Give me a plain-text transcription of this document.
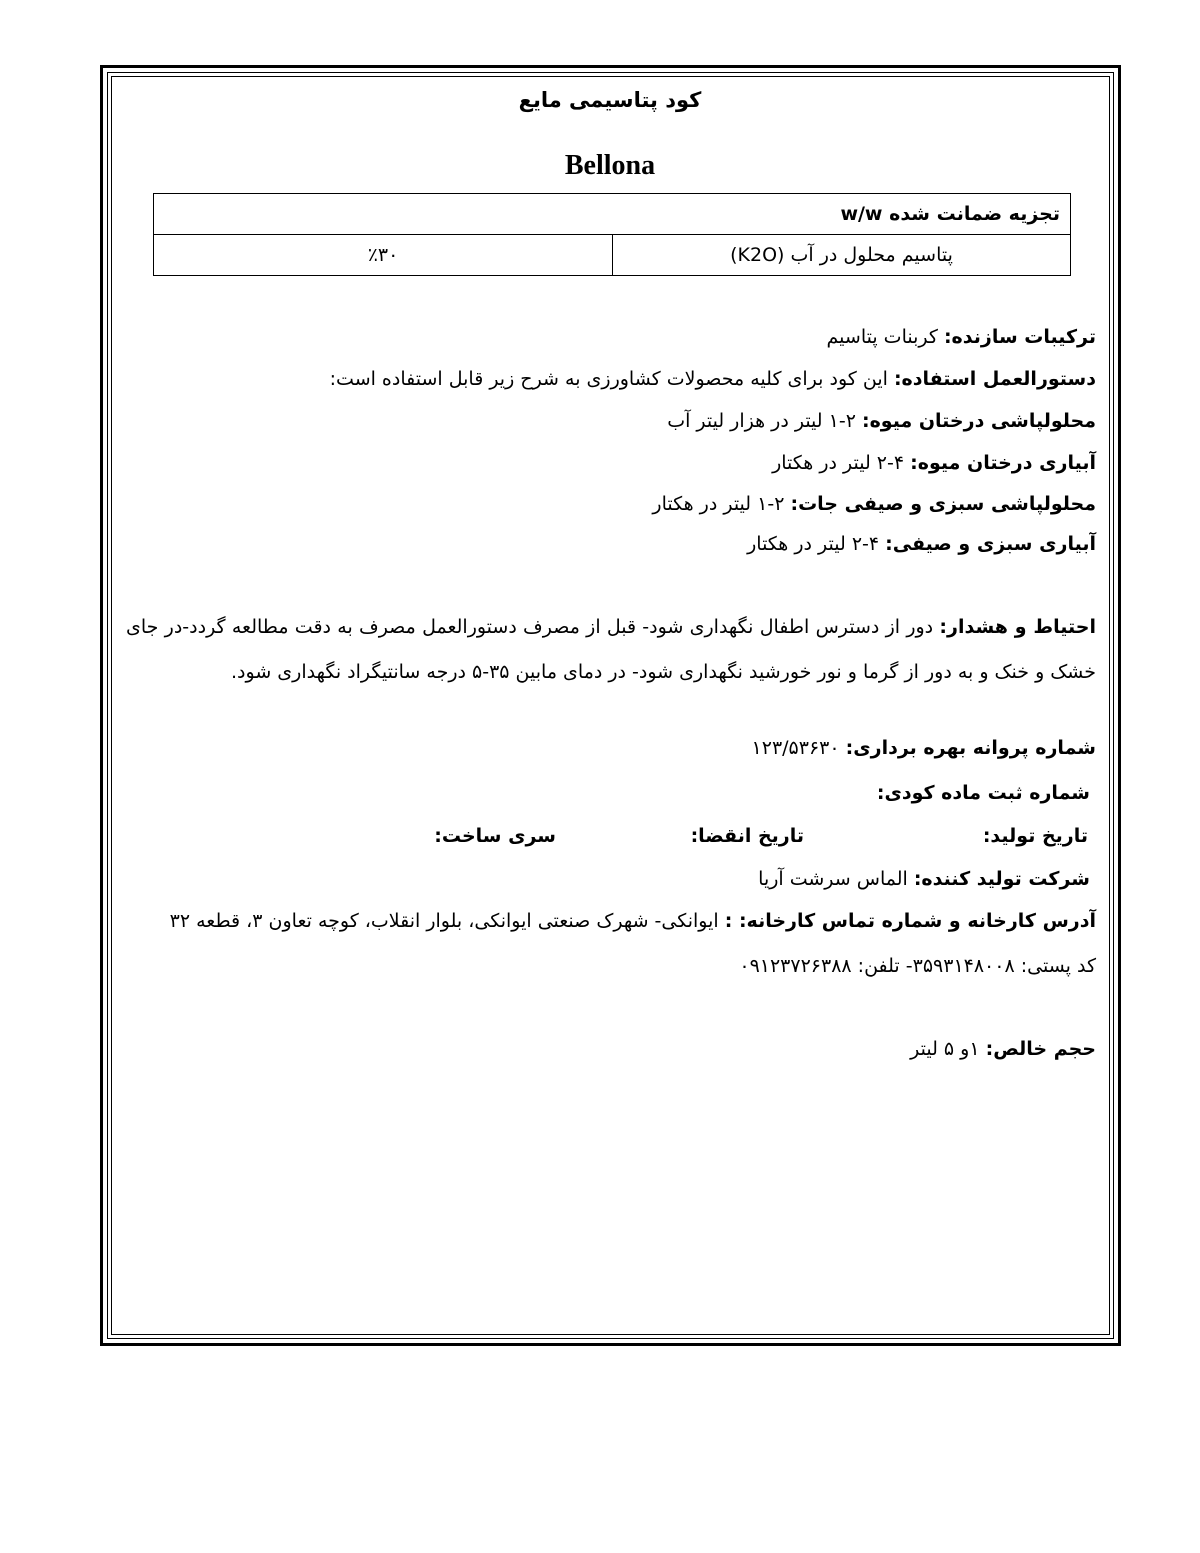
کود پتاسیمی مایع
Bellona
تجزیه ضمانت شده w/w
٪۳۰	پتاسیم محلول در آب (K2O)
ترکیبات سازنده: کربنات پتاسیم
دستورالعمل استفاده: این کود برای کلیه محصولات کشاورزی به شرح زیر قابل استفاده است:
محلولپاشی درختان میوه: ۲-۱ لیتر در هزار لیتر آب
آبیاری درختان میوه: ۴-۲ لیتر در هکتار
محلولپاشی سبزی و صیفی جات: ۲-۱ لیتر در هکتار
آبیاری سبزی و صیفی: ۴-۲ لیتر در هکتار
احتیاط و هشدار: دور از دسترس اطفال نگهداری شود- قبل از مصرف دستورالعمل مصرف به دقت مطالعه گردد-در جای خشک و خنک و به دور از گرما و نور خورشید نگهداری شود- در دمای مابین ۳۵-۵ درجه سانتیگراد نگهداری شود.
شماره پروانه بهره برداری: ۱۲۳/۵۳۶۳۰
شماره ثبت ماده کودی:
تاریخ تولید:
تاریخ انقضا:
سری ساخت:
شرکت تولید کننده: الماس سرشت آریا
آدرس کارخانه و شماره تماس کارخانه: : ایوانکی- شهرک صنعتی ایوانکی، بلوار انقلاب، کوچه تعاون ۳، قطعه ۳۲
کد پستی: ۳۵۹۳۱۴۸۰۰۸- تلفن: ۰۹۱۲۳۷۲۶۳۸۸
حجم خالص: ۱و ۵ لیتر
